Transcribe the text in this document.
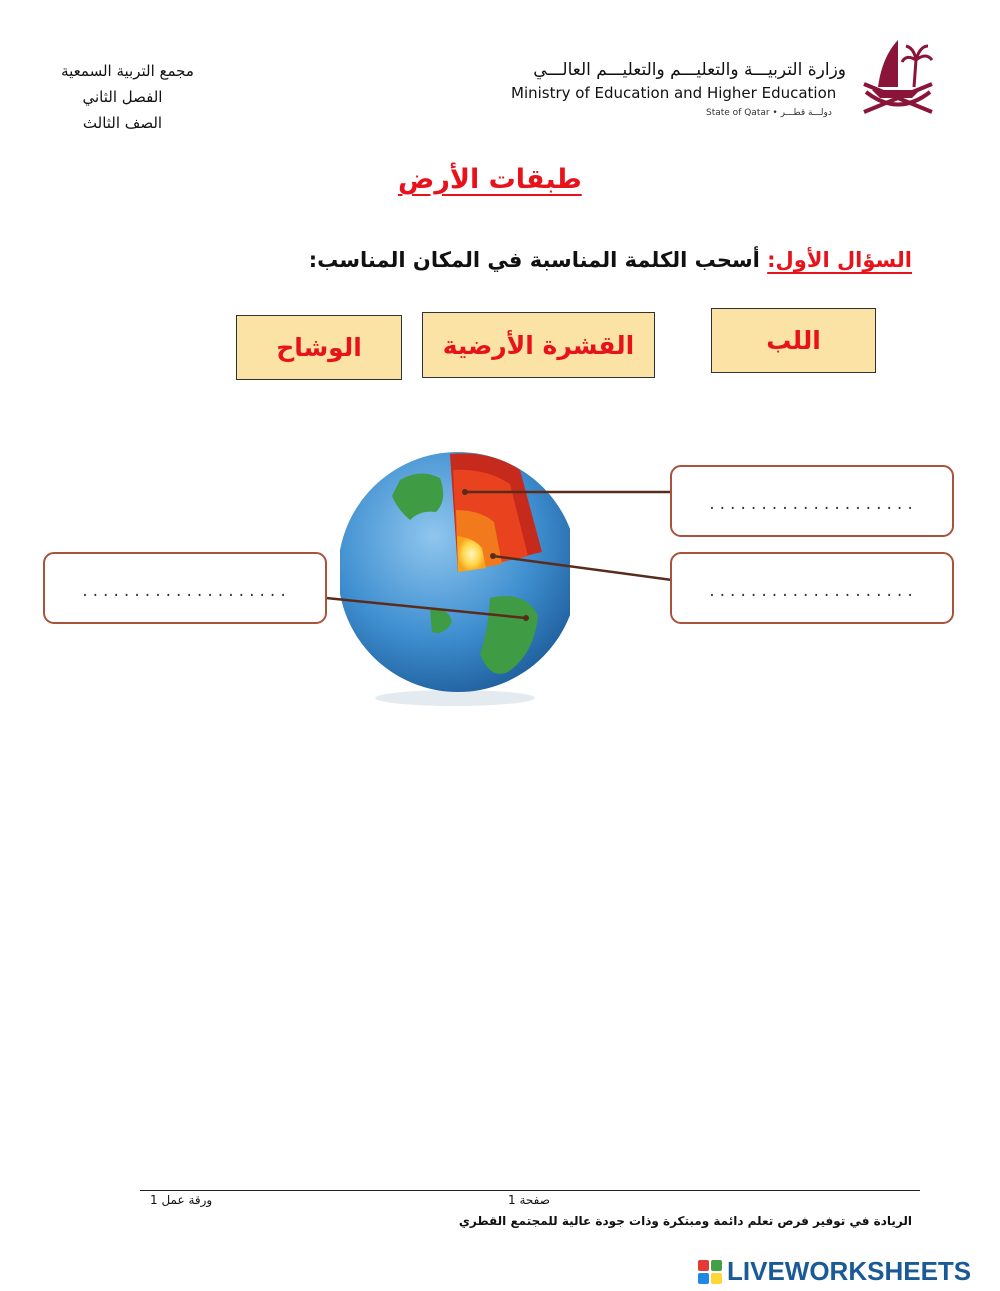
مجمع التربية السمعية
الفصل الثاني
الصف الثالث
وزارة التربيـــة والتعليـــم والتعليـــم العالـــي
Ministry of Education and Higher Education
State of Qatar • دولـــة قطـــر
طبقات الأرض
السؤال الأول: أسحب الكلمة المناسبة في المكان المناسب:
اللب
القشرة الأرضية
الوشاح
....................
....................
....................
ورقة عمل 1	صفحة 1
الريادة في توفير فرص تعلم دائمة ومبتكرة وذات جودة عالية للمجتمع القطري
LIVEWORKSHEETS
